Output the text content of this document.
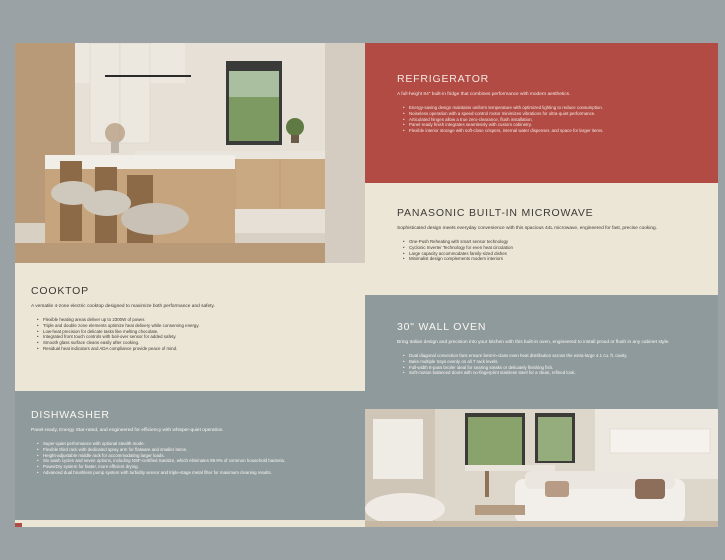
REFRIGERATOR

A full-height 84" built-in fridge that combines performance with modern aesthetics.

• Energy-saving design maintains uniform temperature with optimized lighting to reduce consumption.
• Noiseless operation with a speed-control motor minimizes vibrations for ultra-quiet performance.
• Articulated hinges allow a true zero-clearance, flush installation.
• Panel-ready finish integrates seamlessly with custom cabinetry.
• Flexible interior storage with soft-close crispers, internal water dispenser, and space for larger items.
PANASONIC BUILT-IN MICROWAVE

Sophisticated design meets everyday convenience with this spacious 44L microwave, engineered for fast, precise cooking.

• One-Push Reheating with smart sensor technology
• Cyclonic Inverter Technology for even heat circulation
• Large capacity accommodates family-sized dishes
• Minimalist design complements modern interiors
COOKTOP

A versatile 4-zone electric cooktop designed to maximize both performance and safety.

• Flexible heating areas deliver up to 2300W of power.
• Triple and double zone elements optimize heat delivery while conserving energy.
• Low-heat precision for delicate tasks like melting chocolate.
• Integrated front touch controls with boil-over sensor for added safety.
• Smooth glass surface cleans easily after cooking.
• Residual heat indicators and ADA compliance provide peace of mind.
30" WALL OVEN

Bring Italian design and precision into your kitchen with this built-in oven, engineered to install proud or flush in any cabinet style.

• Dual diagonal convection fans ensure best-in-class even heat distribution across the extra-large 4.1 cu. ft. cavity.
• Bake multiple trays evenly on all 7 rack levels.
• Full-width 8-pass broiler ideal for searing steaks or delicately finishing fish.
• Soft-motion balanced doors with no-fingerprint stainless steel for a clean, refined look.
DISHWASHER

Panel-ready, Energy Star-rated, and engineered for efficiency with whisper-quiet operation.

• Super-quiet performance with optional stealth mode.
• Flexible third rack with dedicated spray arm for flatware and smaller items.
• Height-adjustable middle rack for accommodating larger loads.
• Six wash cycles and seven options, including NSF-certified Sanitize, which eliminates 99.9% of common household bacteria.
• PowerDry system for faster, more efficient drying.
• Advanced dual brushless pump system with turbidity sensor and triple-stage metal filter for maximum cleaning results.
